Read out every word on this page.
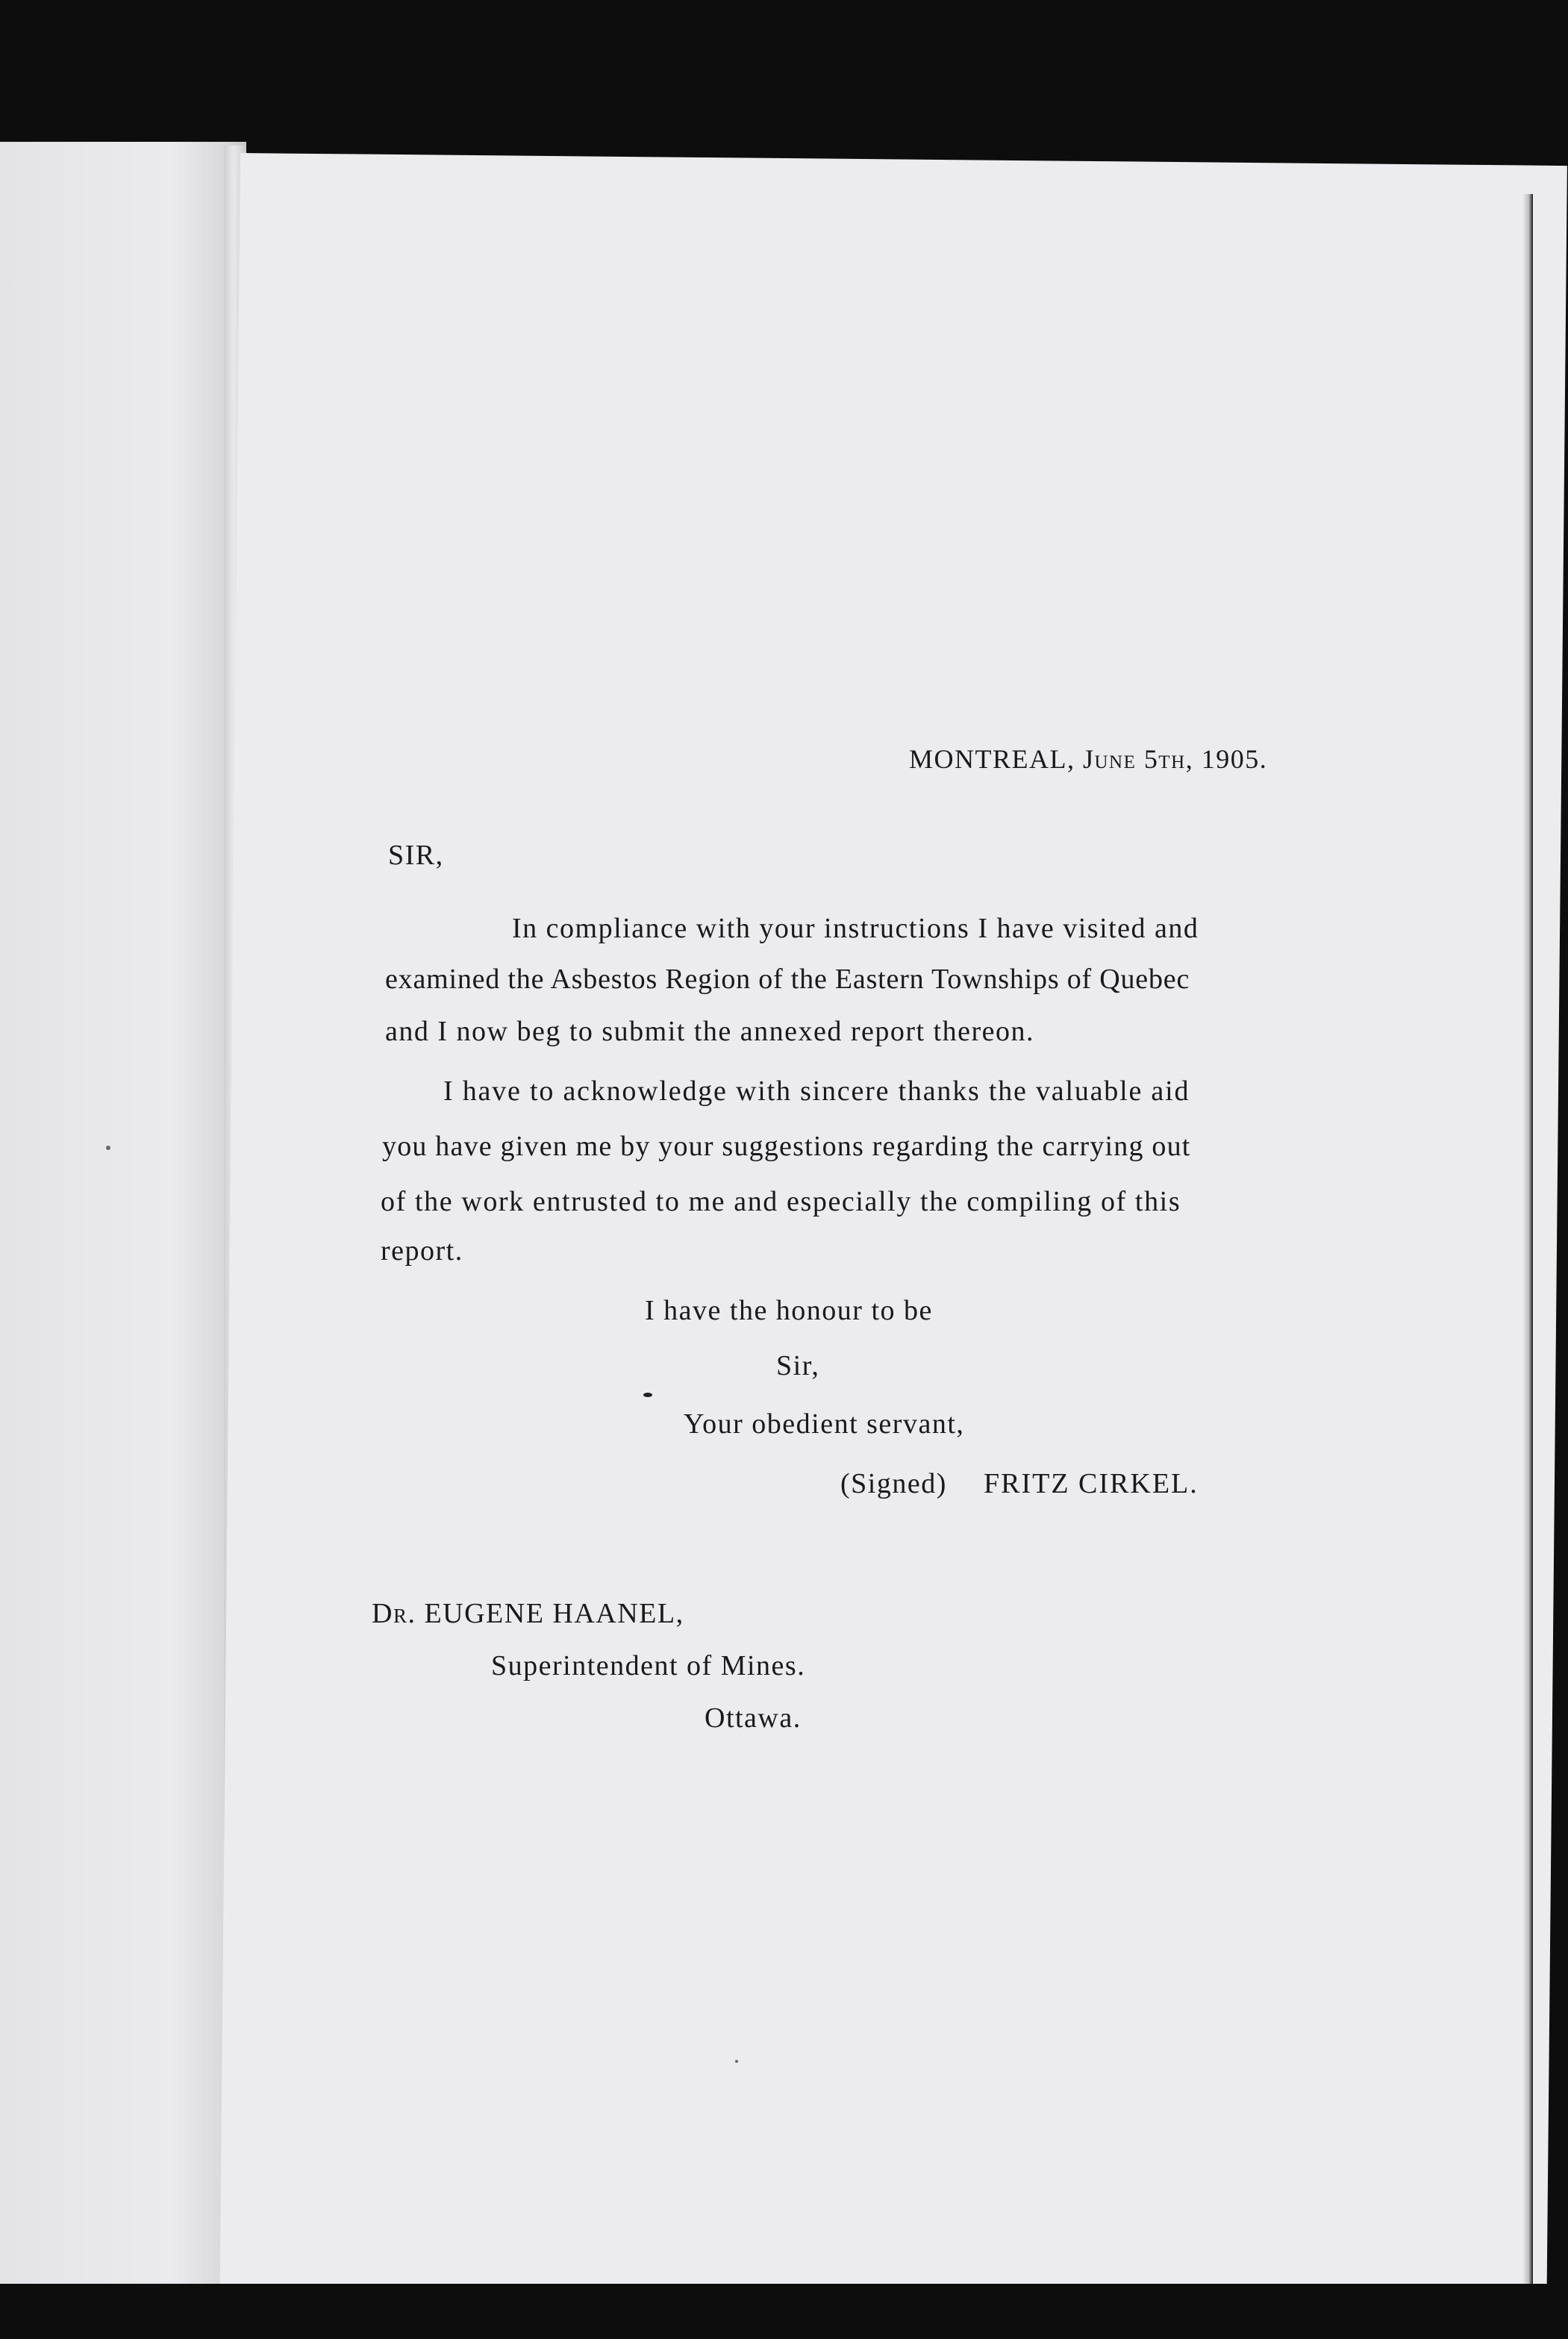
MONTREAL, June 5th, 1905.
SIR,
In compliance with your instructions I have visited and
examined the Asbestos Region of the Eastern Townships of Quebec
and I now beg to submit the annexed report thereon.
I have to acknowledge with sincere thanks the valuable aid
you have given me by your suggestions regarding the carrying out
of the work entrusted to me and especially the compiling of this
report.
I have the honour to be
Sir,
Your obedient servant,
(Signed) FRITZ CIRKEL.
Dr. EUGENE HAANEL,
Superintendent of Mines.
Ottawa.
